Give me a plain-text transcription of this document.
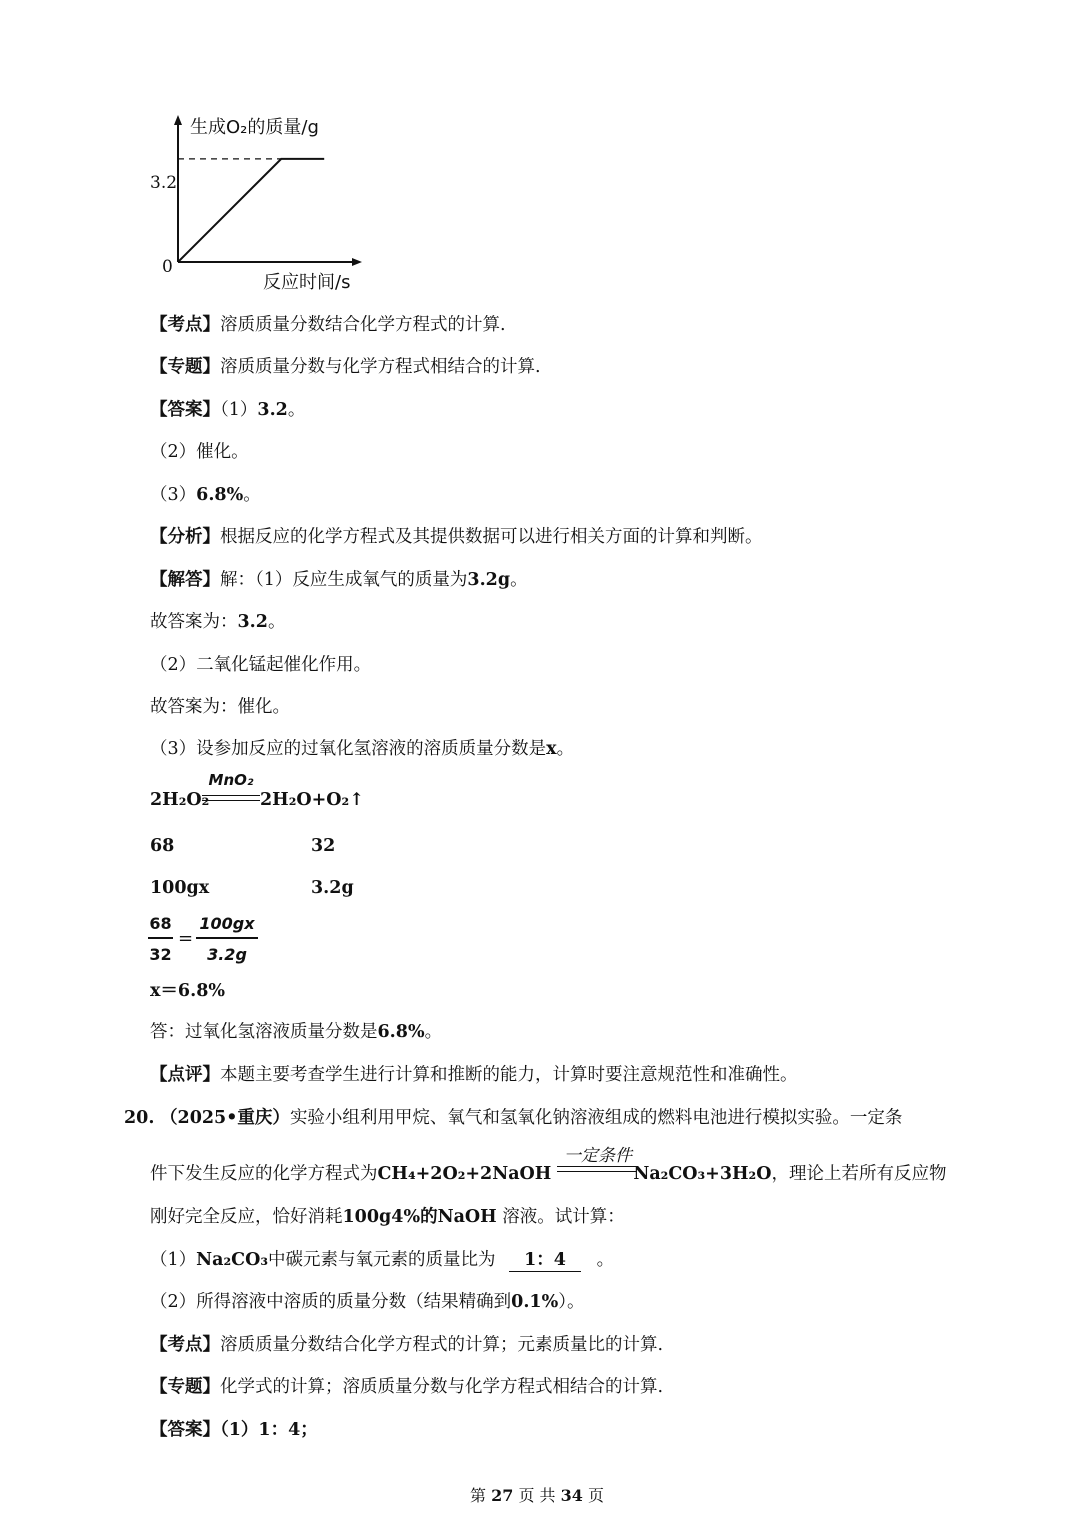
生成O₂的质量/g
3.2
0
反应时间/s
【考点】溶质质量分数结合化学方程式的计算.
【专题】溶质质量分数与化学方程式相结合的计算.
【答案】（1）3.2。
（2）催化。
（3）6.8%。
【分析】根据反应的化学方程式及其提供数据可以进行相关方面的计算和判断。
【解答】解：（1）反应生成氧气的质量为3.2g。
故答案为：3.2。
（2）二氧化锰起催化作用。
故答案为：催化。
（3）设参加反应的过氧化氢溶液的溶质质量分数是x。
2H₂O₂
MnO₂
2H₂O+O₂↑
68	32
100gx	3.2g
68
32
=
100gx
3.2g
x＝6.8%
答：过氧化氢溶液质量分数是6.8%。
【点评】本题主要考查学生进行计算和推断的能力，计算时要注意规范性和准确性。
20. （2025•重庆）实验小组利用甲烷、氧气和氢氧化钠溶液组成的燃料电池进行模拟实验。一定条
一定条件
件下发生反应的化学方程式为CH₄+2O₂+2NaOH	Na₂CO₃+3H₂O，理论上若所有反应物
刚好完全反应，恰好消耗100g4%的NaOH 溶液。试计算：
（1）Na₂CO₃中碳元素与氧元素的质量比为 1：4 。
（2）所得溶液中溶质的质量分数（结果精确到0.1%）。
【考点】溶质质量分数结合化学方程式的计算；元素质量比的计算.
【专题】化学式的计算；溶质质量分数与化学方程式相结合的计算.
【答案】（1）1：4；
第 27 页 共 34 页
